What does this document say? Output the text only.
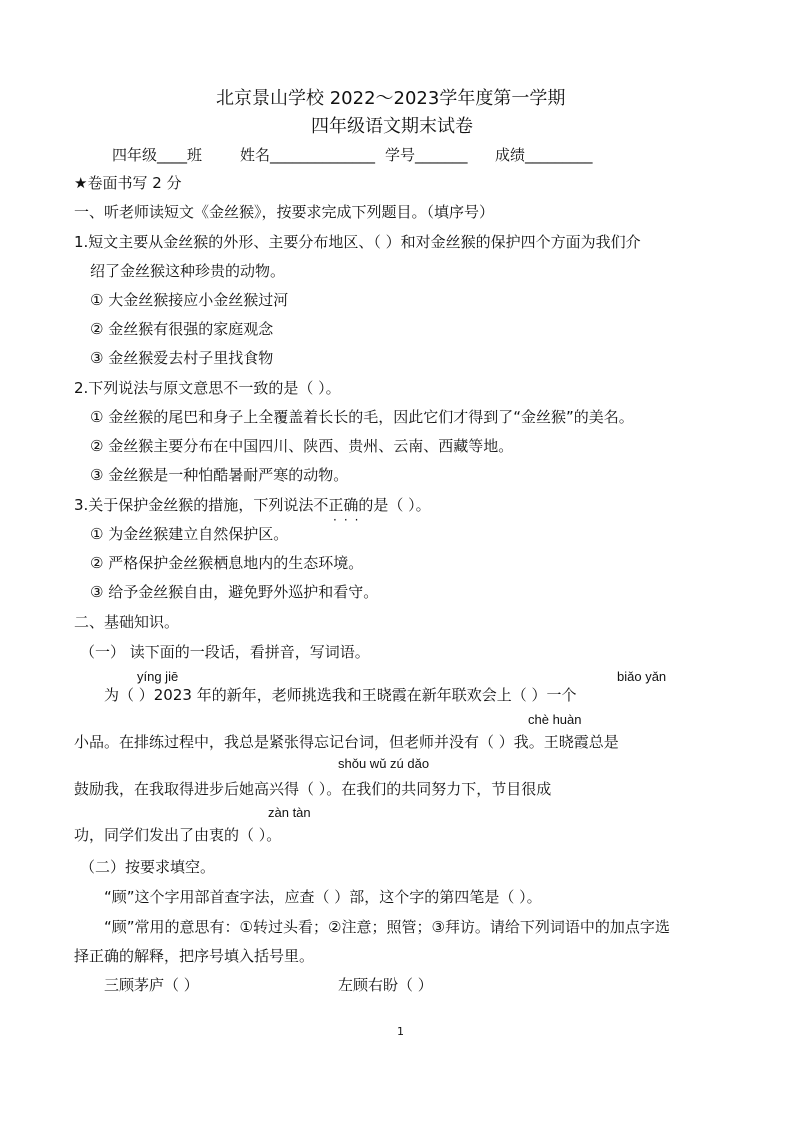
北京景山学校 2022～2023学年度第一学期
四年级语文期末试卷
四年级____班	姓名______________ 学号_______ 成绩_________
★卷面书写 2 分
一、听老师读短文《金丝猴》，按要求完成下列题目。（填序号）
1.短文主要从金丝猴的外形、主要分布地区、（ ）和对金丝猴的保护四个方面为我们介
绍了金丝猴这种珍贵的动物。
① 大金丝猴接应小金丝猴过河
② 金丝猴有很强的家庭观念
③ 金丝猴爱去村子里找食物
2.下列说法与原文意思不一致的是（ ）。
① 金丝猴的尾巴和身子上全覆盖着长长的毛，因此它们才得到了“金丝猴”的美名。
② 金丝猴主要分布在中国四川、陕西、贵州、云南、西藏等地。
③ 金丝猴是一种怕酷暑耐严寒的动物。
3.关于保护金丝猴的措施，下列说法不正确的是（ ）。
···
① 为金丝猴建立自然保护区。
② 严格保护金丝猴栖息地内的生态环境。
③ 给予金丝猴自由，避免野外巡护和看守。
二、基础知识。
（一） 读下面的一段话，看拼音，写词语。
yíng jiē	biǎo yǎn
为（ ）2023 年的新年，老师挑选我和王晓霞在新年联欢会上（ ）一个
chè huàn
小品。在排练过程中，我总是紧张得忘记台词，但老师并没有（ ）我。王晓霞总是
shǒu wǔ zú dǎo
鼓励我，在我取得进步后她高兴得（ ）。在我们的共同努力下，节目很成
zàn tàn
功，同学们发出了由衷的（ ）。
（二）按要求填空。
“顾”这个字用部首查字法，应查（ ）部，这个字的第四笔是（ ）。
“顾”常用的意思有：①转过头看；②注意；照管；③拜访。请给下列词语中的加点字选
择正确的解释，把序号填入括号里。
三顾茅庐（ ）	左顾右盼（ ）
1
